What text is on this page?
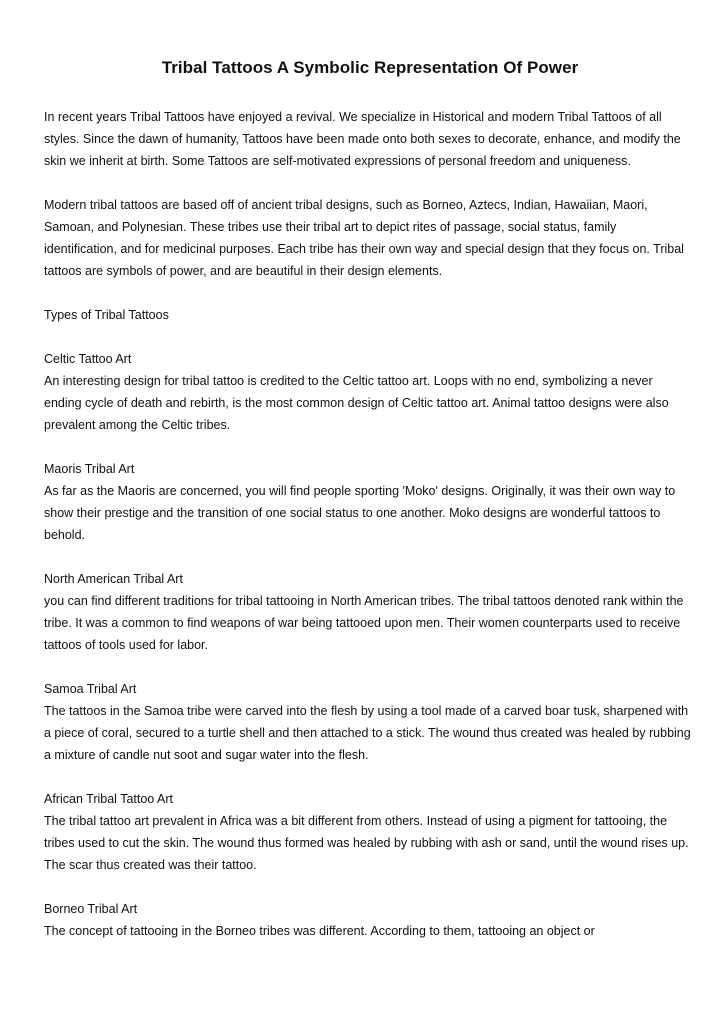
Tribal Tattoos A Symbolic Representation Of Power

In recent years Tribal Tattoos have enjoyed a revival. We specialize in Historical and modern Tribal Tattoos of all styles. Since the dawn of humanity, Tattoos have been made onto both sexes to decorate, enhance, and modify the skin we inherit at birth. Some Tattoos are self-motivated expressions of personal freedom and uniqueness.

Modern tribal tattoos are based off of ancient tribal designs, such as Borneo, Aztecs, Indian, Hawaiian, Maori, Samoan, and Polynesian. These tribes use their tribal art to depict rites of passage, social status, family identification, and for medicinal purposes. Each tribe has their own way and special design that they focus on. Tribal tattoos are symbols of power, and are beautiful in their design elements.

Types of Tribal Tattoos

Celtic Tattoo Art

An interesting design for tribal tattoo is credited to the Celtic tattoo art. Loops with no end, symbolizing a never ending cycle of death and rebirth, is the most common design of Celtic tattoo art. Animal tattoo designs were also prevalent among the Celtic tribes.

Maoris Tribal Art

As far as the Maoris are concerned, you will find people sporting 'Moko' designs. Originally, it was their own way to show their prestige and the transition of one social status to one another. Moko designs are wonderful tattoos to behold.

North American Tribal Art

you can find different traditions for tribal tattooing in North American tribes. The tribal tattoos denoted rank within the tribe. It was a common to find weapons of war being tattooed upon men. Their women counterparts used to receive tattoos of tools used for labor.

Samoa Tribal Art

The tattoos in the Samoa tribe were carved into the flesh by using a tool made of a carved boar tusk, sharpened with a piece of coral, secured to a turtle shell and then attached to a stick. The wound thus created was healed by rubbing a mixture of candle nut soot and sugar water into the flesh.

African Tribal Tattoo Art

The tribal tattoo art prevalent in Africa was a bit different from others. Instead of using a pigment for tattooing, the tribes used to cut the skin. The wound thus formed was healed by rubbing with ash or sand, until the wound rises up. The scar thus created was their tattoo.

Borneo Tribal Art

The concept of tattooing in the Borneo tribes was different. According to them, tattooing an object or
